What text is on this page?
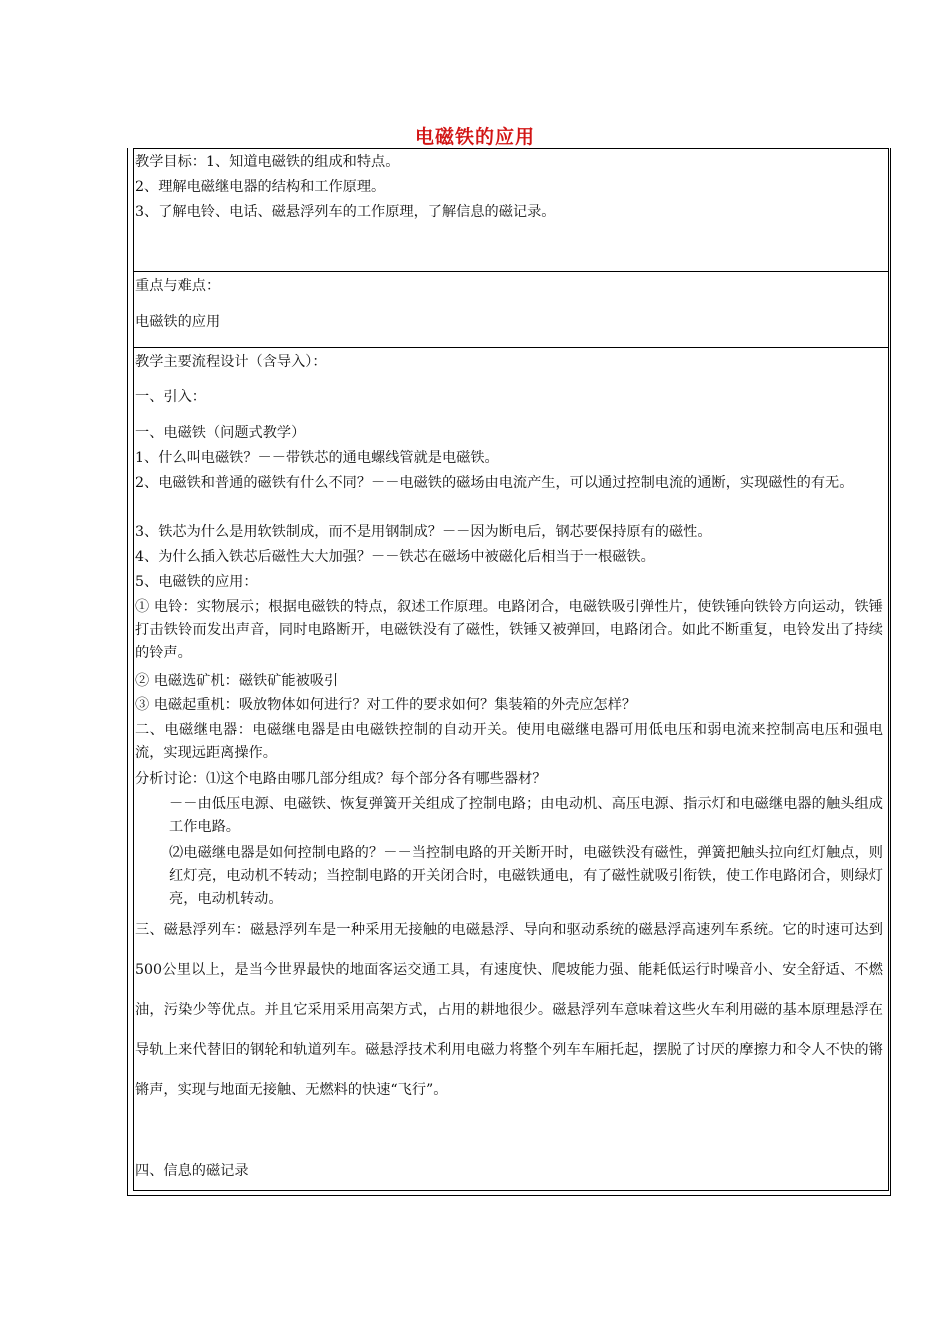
电磁铁的应用

教学目标：1、知道电磁铁的组成和特点。

2、理解电磁继电器的结构和工作原理。

3、了解电铃、电话、磁悬浮列车的工作原理，了解信息的磁记录。

重点与难点：

电磁铁的应用

教学主要流程设计（含导入）：

一、引入：

一、电磁铁（问题式教学）

1、什么叫电磁铁？－－带铁芯的通电螺线管就是电磁铁。

2、电磁铁和普通的磁铁有什么不同？－－电磁铁的磁场由电流产生，可以通过控制电流的通断，实现磁性的有无。

3、铁芯为什么是用软铁制成，而不是用钢制成？－－因为断电后，钢芯要保持原有的磁性。

4、为什么插入铁芯后磁性大大加强？－－铁芯在磁场中被磁化后相当于一根磁铁。

5、电磁铁的应用：

① 电铃：实物展示；根据电磁铁的特点，叙述工作原理。电路闭合，电磁铁吸引弹性片，使铁锤向铁铃方向运动，铁锤打击铁铃而发出声音，同时电路断开，电磁铁没有了磁性，铁锤又被弹回，电路闭合。如此不断重复，电铃发出了持续的铃声。

② 电磁选矿机：磁铁矿能被吸引

③ 电磁起重机：吸放物体如何进行？对工件的要求如何？集装箱的外壳应怎样？

二、电磁继电器：电磁继电器是由电磁铁控制的自动开关。使用电磁继电器可用低电压和弱电流来控制高电压和强电流，实现远距离操作。

分析讨论：⑴这个电路由哪几部分组成？每个部分各有哪些器材？

－－由低压电源、电磁铁、恢复弹簧开关组成了控制电路；由电动机、高压电源、指示灯和电磁继电器的触头组成工作电路。

⑵电磁继电器是如何控制电路的？－－当控制电路的开关断开时，电磁铁没有磁性，弹簧把触头拉向红灯触点，则红灯亮，电动机不转动；当控制电路的开关闭合时，电磁铁通电，有了磁性就吸引衔铁，使工作电路闭合，则绿灯亮，电动机转动。

三、磁悬浮列车：磁悬浮列车是一种采用无接触的电磁悬浮、导向和驱动系统的磁悬浮高速列车系统。它的时速可达到500公里以上，是当今世界最快的地面客运交通工具，有速度快、爬坡能力强、能耗低运行时噪音小、安全舒适、不燃油，污染少等优点。并且它采用采用高架方式，占用的耕地很少。磁悬浮列车意味着这些火车利用磁的基本原理悬浮在导轨上来代替旧的钢轮和轨道列车。磁悬浮技术利用电磁力将整个列车车厢托起，摆脱了讨厌的摩擦力和令人不快的锵锵声，实现与地面无接触、无燃料的快速“飞行”。

四、信息的磁记录
